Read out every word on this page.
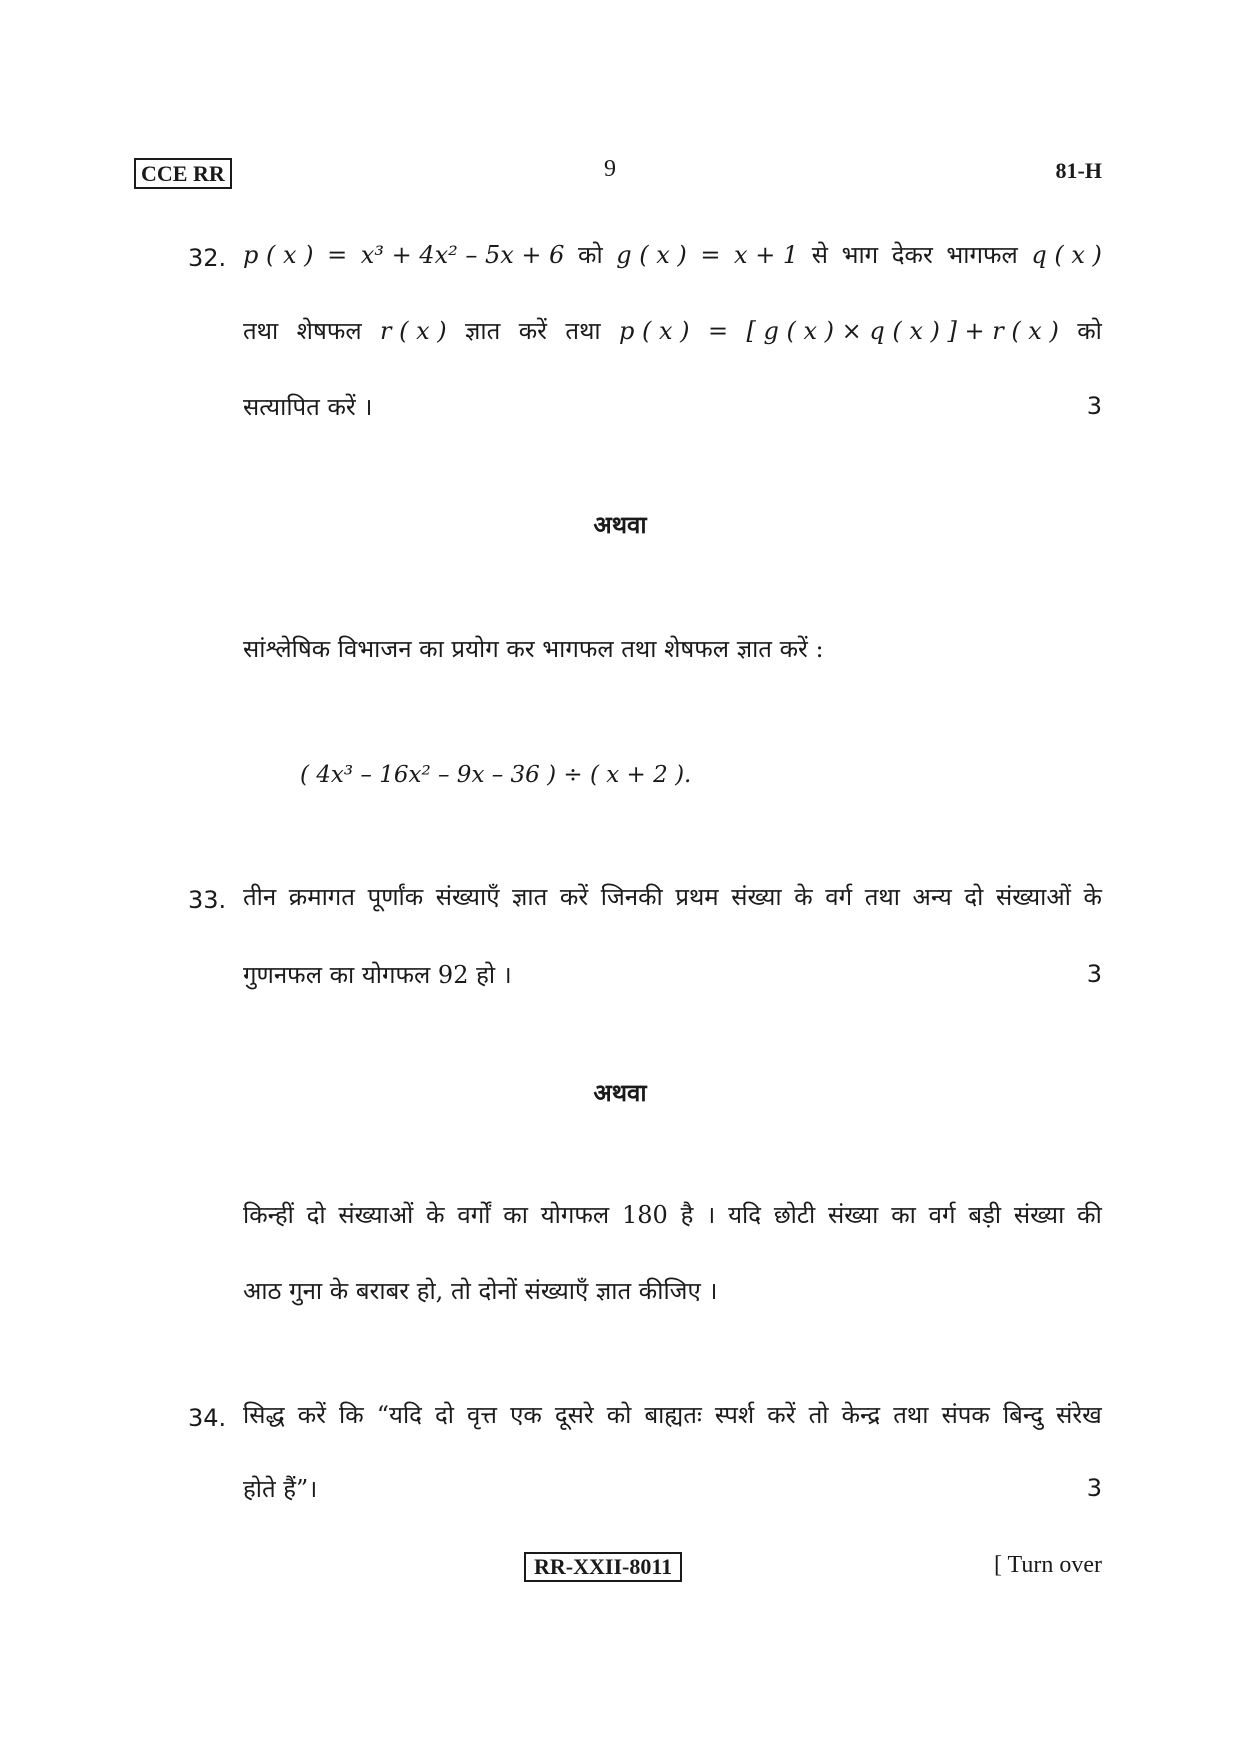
CCE RR	9	81-H
32. p ( x ) = x³ + 4x² – 5x + 6 को g ( x ) = x + 1 से भाग देकर भागफल q ( x )
तथा शेषफल r ( x ) ज्ञात करें तथा p ( x ) = [ g ( x ) × q ( x ) ] + r ( x ) को
सत्यापित करें ।	3
अथवा
सांश्लेषिक विभाजन का प्रयोग कर भागफल तथा शेषफल ज्ञात करें :
( 4x³ – 16x² – 9x – 36 ) ÷ ( x + 2 ).
33. तीन क्रमागत पूर्णांक संख्याएँ ज्ञात करें जिनकी प्रथम संख्या के वर्ग तथा अन्य दो संख्याओं के
गुणनफल का योगफल 92 हो ।	3
अथवा
किन्हीं दो संख्याओं के वर्गों का योगफल 180 है । यदि छोटी संख्या का वर्ग बड़ी संख्या की
आठ गुना के बराबर हो, तो दोनों संख्याएँ ज्ञात कीजिए ।
34. सिद्ध करें कि “यदि दो वृत्त एक दूसरे को बाह्यतः स्पर्श करें तो केन्द्र तथा संपक बिन्दु संरेख
होते हैं”।	3
RR-XXII-8011	[ Turn over
